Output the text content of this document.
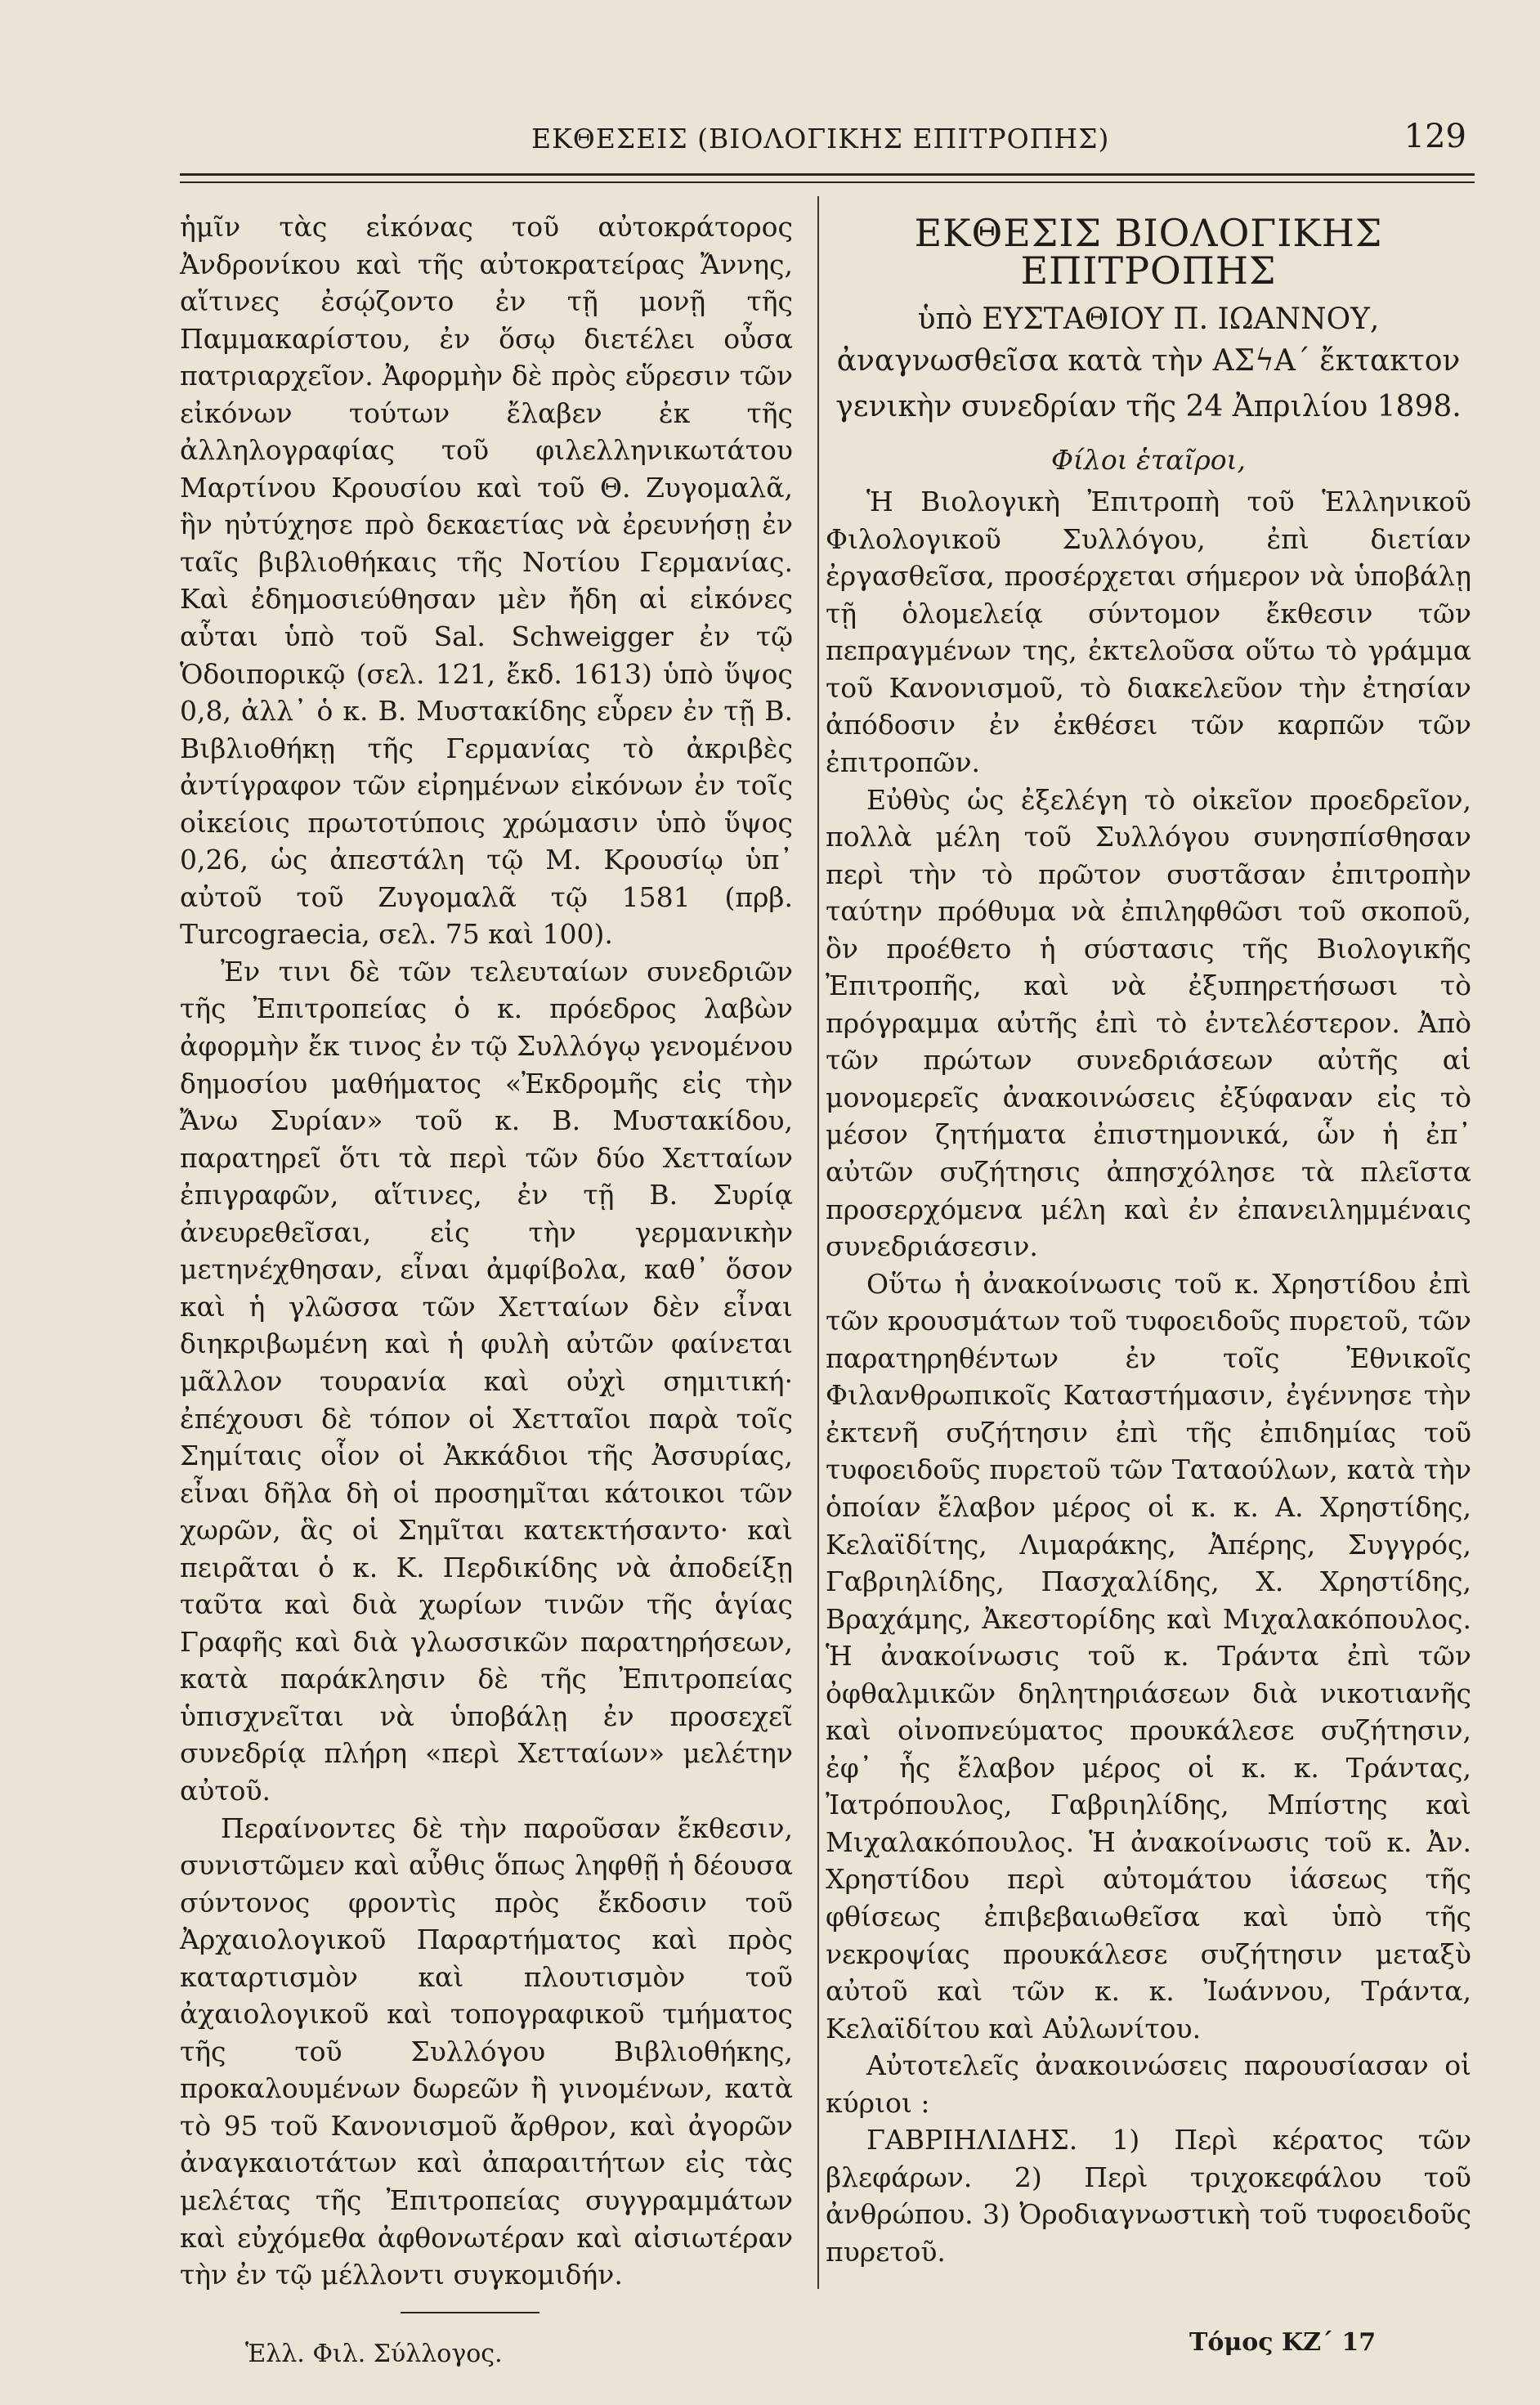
ΕΚΘΕΣΕΙΣ (ΒΙΟΛΟΓΙΚΗΣ ΕΠΙΤΡΟΠΗΣ)	129

ἡμῖν τὰς εἰκόνας τοῦ αὐτοκράτορος Ἀνδρονίκου καὶ τῆς αὐτοκρατείρας Ἄννης, αἵτινες ἐσῴζοντο ἐν τῇ μονῇ τῆς Παμμακαρίστου, ἐν ὅσῳ διετέλει οὖσα πατριαρχεῖον. Ἀφορμὴν δὲ πρὸς εὕρεσιν τῶν εἰκόνων τούτων ἔλαβεν ἐκ τῆς ἀλληλογραφίας τοῦ φιλελληνικωτάτου Μαρτίνου Κρουσίου καὶ τοῦ Θ. Ζυγομαλᾶ, ἣν ηὐτύχησε πρὸ δεκαετίας νὰ ἐρευνήσῃ ἐν ταῖς βιβλιοθήκαις τῆς Νοτίου Γερμανίας. Καὶ ἐδημοσιεύθησαν μὲν ἤδη αἱ εἰκόνες αὗται ὑπὸ τοῦ Sal. Schweigger ἐν τῷ Ὁδοιπορικῷ (σελ. 121, ἔκδ. 1613) ὑπὸ ὕψος 0,8, ἀλλ᾽ ὁ κ. Β. Μυστακίδης εὗρεν ἐν τῇ Β. Βιβλιοθήκῃ τῆς Γερμανίας τὸ ἀκριβὲς ἀντίγραφον τῶν εἰρημένων εἰκόνων ἐν τοῖς οἰκείοις πρωτοτύποις χρώμασιν ὑπὸ ὕψος 0,26, ὡς ἀπεστάλη τῷ Μ. Κρουσίῳ ὑπ᾽ αὐτοῦ τοῦ Ζυγομαλᾶ τῷ 1581 (πρβ. Turcograecia, σελ. 75 καὶ 100).

Ἐν τινι δὲ τῶν τελευταίων συνεδριῶν τῆς Ἐπιτροπείας ὁ κ. πρόεδρος λαβὼν ἀφορμὴν ἔκ τινος ἐν τῷ Συλλόγῳ γενομένου δημοσίου μαθήματος «Ἐκδρομῆς εἰς τὴν Ἄνω Συρίαν» τοῦ κ. Β. Μυστακίδου, παρατηρεῖ ὅτι τὰ περὶ τῶν δύο Χετταίων ἐπιγραφῶν, αἵτινες, ἐν τῇ Β. Συρίᾳ ἀνευρεθεῖσαι, εἰς τὴν γερμανικὴν μετηνέχθησαν, εἶναι ἀμφίβολα, καθ᾽ ὅσον καὶ ἡ γλῶσσα τῶν Χετταίων δὲν εἶναι διηκριβωμένη καὶ ἡ φυλὴ αὐτῶν φαίνεται μᾶλλον τουρανία καὶ οὐχὶ σημιτική· ἐπέχουσι δὲ τόπον οἱ Χετταῖοι παρὰ τοῖς Σημίταις οἷον οἱ Ἀκκάδιοι τῆς Ἀσσυρίας, εἶναι δῆλα δὴ οἱ προσημῖται κάτοικοι τῶν χωρῶν, ἃς οἱ Σημῖται κατεκτήσαντο· καὶ πειρᾶται ὁ κ. Κ. Περδικίδης νὰ ἀποδείξῃ ταῦτα καὶ διὰ χωρίων τινῶν τῆς ἁγίας Γραφῆς καὶ διὰ γλωσσικῶν παρατηρήσεων, κατὰ παράκλησιν δὲ τῆς Ἐπιτροπείας ὑπισχνεῖται νὰ ὑποβάλῃ ἐν προσεχεῖ συνεδρίᾳ πλήρη «περὶ Χετταίων» μελέτην αὐτοῦ.

Περαίνοντες δὲ τὴν παροῦσαν ἔκθεσιν, συνιστῶμεν καὶ αὖθις ὅπως ληφθῇ ἡ δέουσα σύντονος φροντὶς πρὸς ἔκδοσιν τοῦ Ἀρχαιολογικοῦ Παραρτήματος καὶ πρὸς καταρτισμὸν καὶ πλουτισμὸν τοῦ ἀχαιολογικοῦ καὶ τοπογραφικοῦ τμήματος τῆς τοῦ Συλλόγου Βιβλιοθήκης, προκαλουμένων δωρεῶν ἢ γινομένων, κατὰ τὸ 95 τοῦ Κανονισμοῦ ἄρθρον, καὶ ἀγορῶν ἀναγκαιοτάτων καὶ ἀπαραιτήτων εἰς τὰς μελέτας τῆς Ἐπιτροπείας συγγραμμάτων καὶ εὐχόμεθα ἀφθονωτέραν καὶ αἰσιωτέραν τὴν ἐν τῷ μέλλοντι συγκομιδήν.

ΕΚΘΕΣΙΣ ΒΙΟΛΟΓΙΚΗΣ ΕΠΙΤΡΟΠΗΣ

ὑπὸ ΕΥΣΤΑΘΙΟΥ Π. ΙΩΑΝΝΟΥ,

ἀναγνωσθεῖσα κατὰ τὴν ΑΣϟΑ΄ ἔκτακτον γενικὴν συνεδρίαν τῆς 24 Ἀπριλίου 1898.

Φίλοι ἑταῖροι,

Ἡ Βιολογικὴ Ἐπιτροπὴ τοῦ Ἑλληνικοῦ Φιλολογικοῦ Συλλόγου, ἐπὶ διετίαν ἐργασθεῖσα, προσέρχεται σήμερον νὰ ὑποβάλῃ τῇ ὁλομελείᾳ σύντομον ἔκθεσιν τῶν πεπραγμένων της, ἐκτελοῦσα οὕτω τὸ γράμμα τοῦ Κανονισμοῦ, τὸ διακελεῦον τὴν ἐτησίαν ἀπόδοσιν ἐν ἐκθέσει τῶν καρπῶν τῶν ἐπιτροπῶν.

Εὐθὺς ὡς ἐξελέγη τὸ οἰκεῖον προεδρεῖον, πολλὰ μέλη τοῦ Συλλόγου συνησπίσθησαν περὶ τὴν τὸ πρῶτον συστᾶσαν ἐπιτροπὴν ταύτην πρόθυμα νὰ ἐπιληφθῶσι τοῦ σκοποῦ, ὃν προέθετο ἡ σύστασις τῆς Βιολογικῆς Ἐπιτροπῆς, καὶ νὰ ἐξυπηρετήσωσι τὸ πρόγραμμα αὐτῆς ἐπὶ τὸ ἐντελέστερον. Ἀπὸ τῶν πρώτων συνεδριάσεων αὐτῆς αἱ μονομερεῖς ἀνακοινώσεις ἐξύφαναν εἰς τὸ μέσον ζητήματα ἐπιστημονικά, ὧν ἡ ἐπ᾽ αὐτῶν συζήτησις ἀπησχόλησε τὰ πλεῖστα προσερχόμενα μέλη καὶ ἐν ἐπανειλημμέναις συνεδριάσεσιν.

Οὕτω ἡ ἀνακοίνωσις τοῦ κ. Χρηστίδου ἐπὶ τῶν κρουσμάτων τοῦ τυφοειδοῦς πυρετοῦ, τῶν παρατηρηθέντων ἐν τοῖς Ἐθνικοῖς Φιλανθρωπικοῖς Καταστήμασιν, ἐγέννησε τὴν ἐκτενῆ συζήτησιν ἐπὶ τῆς ἐπιδημίας τοῦ τυφοειδοῦς πυρετοῦ τῶν Ταταούλων, κατὰ τὴν ὁποίαν ἔλαβον μέρος οἱ κ. κ. Α. Χρηστίδης, Κελαϊδίτης, Λιμαράκης, Ἀπέρης, Συγγρός, Γαβριηλίδης, Πασχαλίδης, Χ. Χρηστίδης, Βραχάμης, Ἀκεστορίδης καὶ Μιχαλακόπουλος. Ἡ ἀνακοίνωσις τοῦ κ. Τράντα ἐπὶ τῶν ὀφθαλμικῶν δηλητηριάσεων διὰ νικοτιανῆς καὶ οἰνοπνεύματος προυκάλεσε συζήτησιν, ἐφ᾽ ἧς ἔλαβον μέρος οἱ κ. κ. Τράντας, Ἰατρόπουλος, Γαβριηλίδης, Μπίστης καὶ Μιχαλακόπουλος. Ἡ ἀνακοίνωσις τοῦ κ. Ἀν. Χρηστίδου περὶ αὐτομάτου ἰάσεως τῆς φθίσεως ἐπιβεβαιωθεῖσα καὶ ὑπὸ τῆς νεκροψίας προυκάλεσε συζήτησιν μεταξὺ αὐτοῦ καὶ τῶν κ. κ. Ἰωάννου, Τράντα, Κελαϊδίτου καὶ Αὐλωνίτου.

Αὐτοτελεῖς ἀνακοινώσεις παρουσίασαν οἱ κύριοι :

ΓΑΒΡΙΗΛΙΔΗΣ. 1) Περὶ κέρατος τῶν βλεφάρων. 2) Περὶ τριχοκεφάλου τοῦ ἀνθρώπου. 3) Ὀροδιαγνωστικὴ τοῦ τυφοειδοῦς πυρετοῦ.

Ἑλλ. Φιλ. Σύλλογος.	Τόμος ΚΖ΄ 17
